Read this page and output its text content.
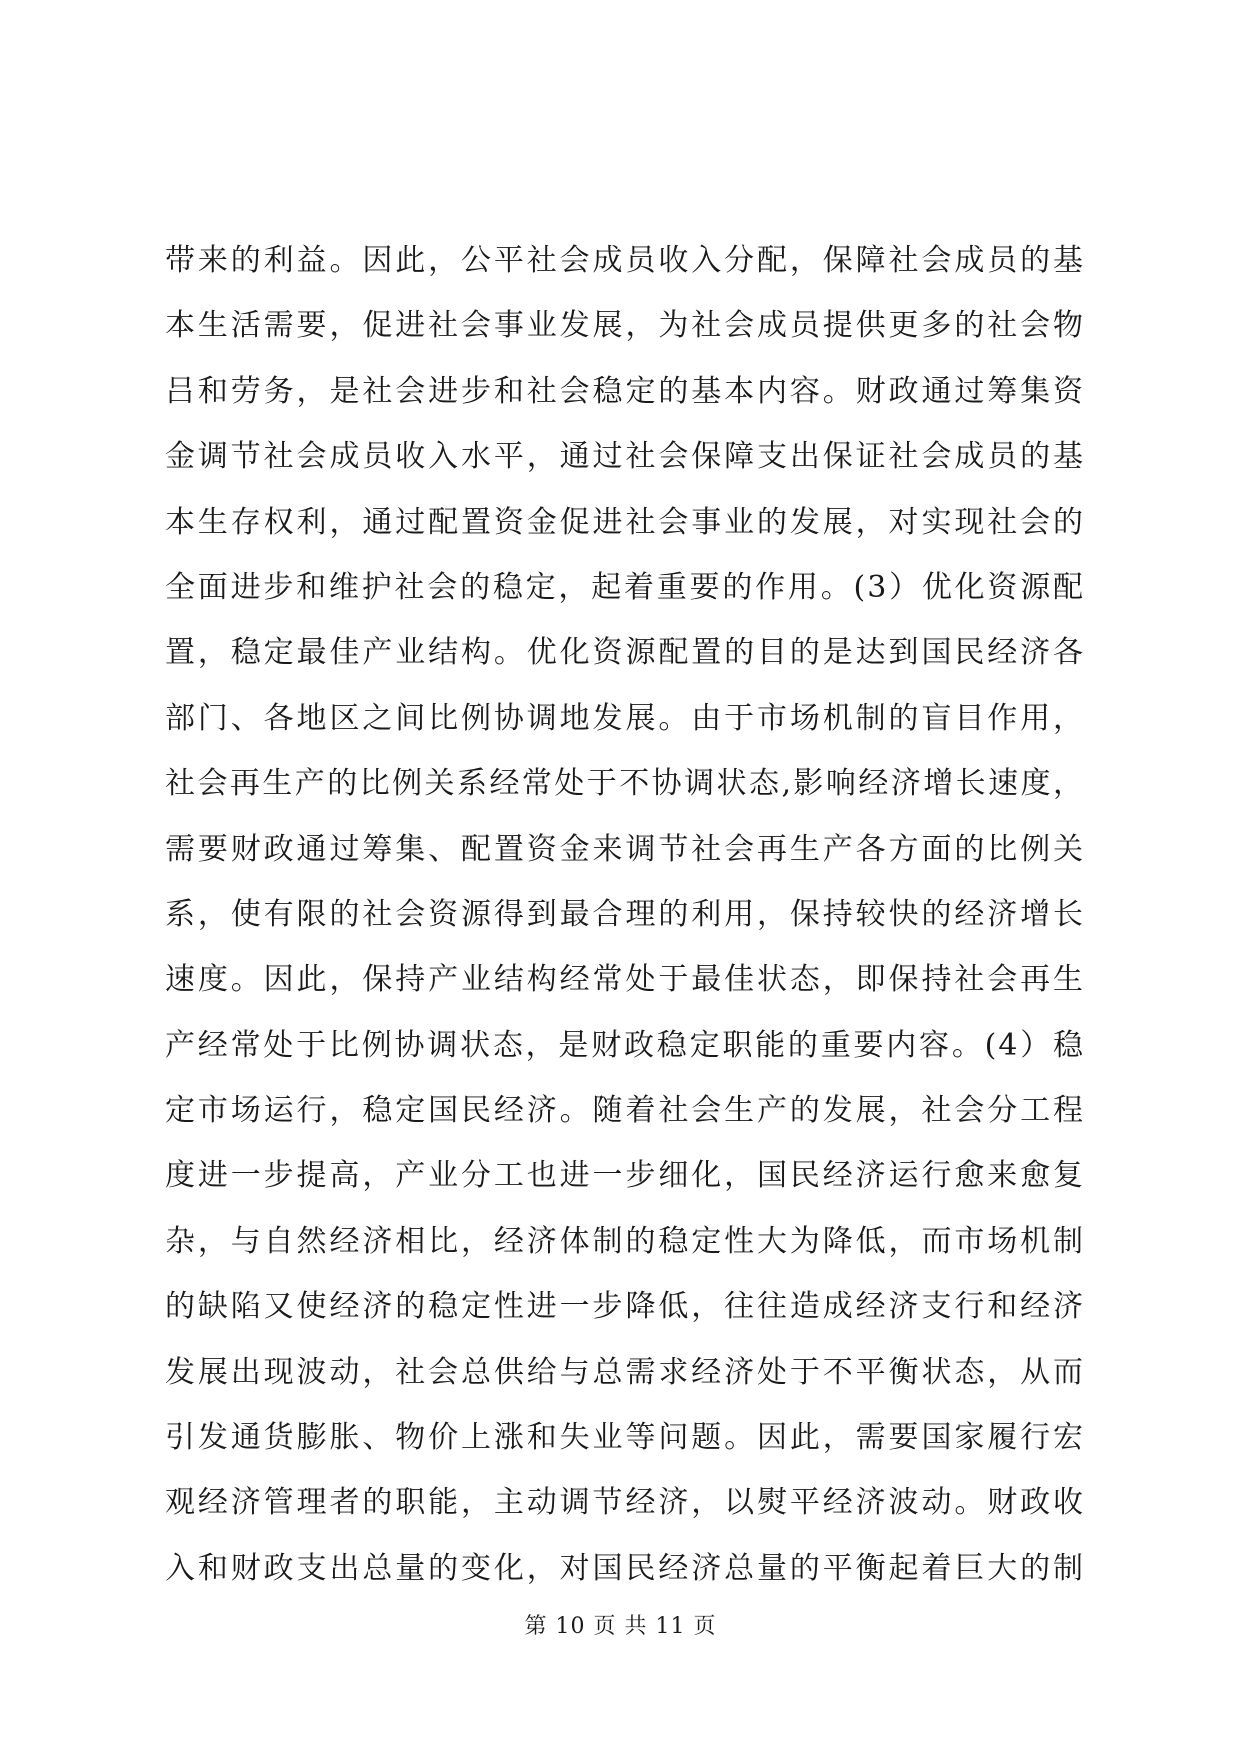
带来的利益。因此，公平社会成员收入分配，保障社会成员的基
本生活需要，促进社会事业发展，为社会成员提供更多的社会物
吕和劳务，是社会进步和社会稳定的基本内容。财政通过筹集资
金调节社会成员收入水平，通过社会保障支出保证社会成员的基
本生存权利，通过配置资金促进社会事业的发展，对实现社会的
全面进步和维护社会的稳定，起着重要的作用。(3）优化资源配
置，稳定最佳产业结构。优化资源配置的目的是达到国民经济各
部门、各地区之间比例协调地发展。由于市场机制的盲目作用，
社会再生产的比例关系经常处于不协调状态,影响经济增长速度，
需要财政通过筹集、配置资金来调节社会再生产各方面的比例关
系，使有限的社会资源得到最合理的利用，保持较快的经济增长
速度。因此，保持产业结构经常处于最佳状态，即保持社会再生
产经常处于比例协调状态，是财政稳定职能的重要内容。(4）稳
定市场运行，稳定国民经济。随着社会生产的发展，社会分工程
度进一步提高，产业分工也进一步细化，国民经济运行愈来愈复
杂，与自然经济相比，经济体制的稳定性大为降低，而市场机制
的缺陷又使经济的稳定性进一步降低，往往造成经济支行和经济
发展出现波动，社会总供给与总需求经济处于不平衡状态，从而
引发通货膨胀、物价上涨和失业等问题。因此，需要国家履行宏
观经济管理者的职能，主动调节经济，以熨平经济波动。财政收
入和财政支出总量的变化，对国民经济总量的平衡起着巨大的制
第 10 页 共 11 页
